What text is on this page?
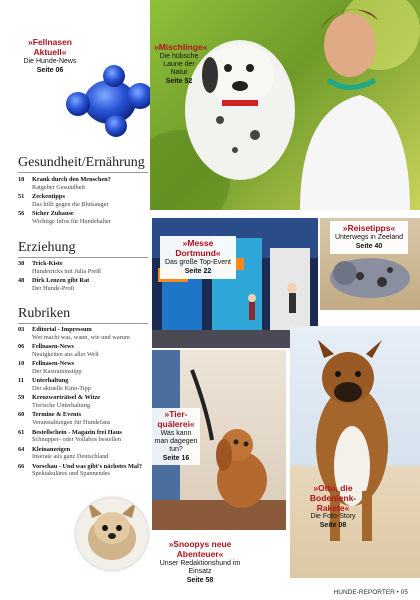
»Fellnasen Aktuell«
Die Hunde-News
Seite 06
»Mischlinge«
Die hübsche Laune der Natur
Seite 52
»Messe Dortmund«
Das große Top-Event
Seite 22
»Reisetipps«
Unterwegs in Zeeland
Seite 40
»Tier-quälerei«
Was kann man dagegen tun?
Seite 16
»Otto, die Bodenlenk-Rakete«
Die Foto-Story
Seite 08
»Snoopys neue Abenteuer«
Unser Redaktionshund im Einsatz
Seite 58
Gesundheit/Ernährung
18	Krank durch den Menschen?
Ratgeber Gesundheit
51	Zeckentipps
Das hilft gegen die Blutsauger
56	Sicher Zuhause
Wichtige Infos für Hundehalter
Erziehung
38	Trick-Kiste
Hundetricks mit Julia Preiß
48	Dirk Lenzen gibt Rat
Der Hunde-Profi
Rubriken
03	Editorial - Impressum
Wer macht was, wann, wie und warum
06	Fellnasen-News
Neuigkeiten aus aller Welt
10	Fellnasen-News
Der Kastrationstipp
11	Unterhaltung
Der aktuelle Kino-Tipp
59	Kreuzworträtsel & Witze
Tierische Unterhaltung
60	Termine & Events
Veranstaltungen für Hundefans
61	Bestellschein - Magazin frei Haus
Schnupper- oder Vollabos bestellen
64	Kleinanzeigen
Inserate aus ganz Deutschland
66	Vorschau - Und was gibt's nächstes Mal?
Spektakuläres und Spannendes
HUNDE-REPORTER • 05
